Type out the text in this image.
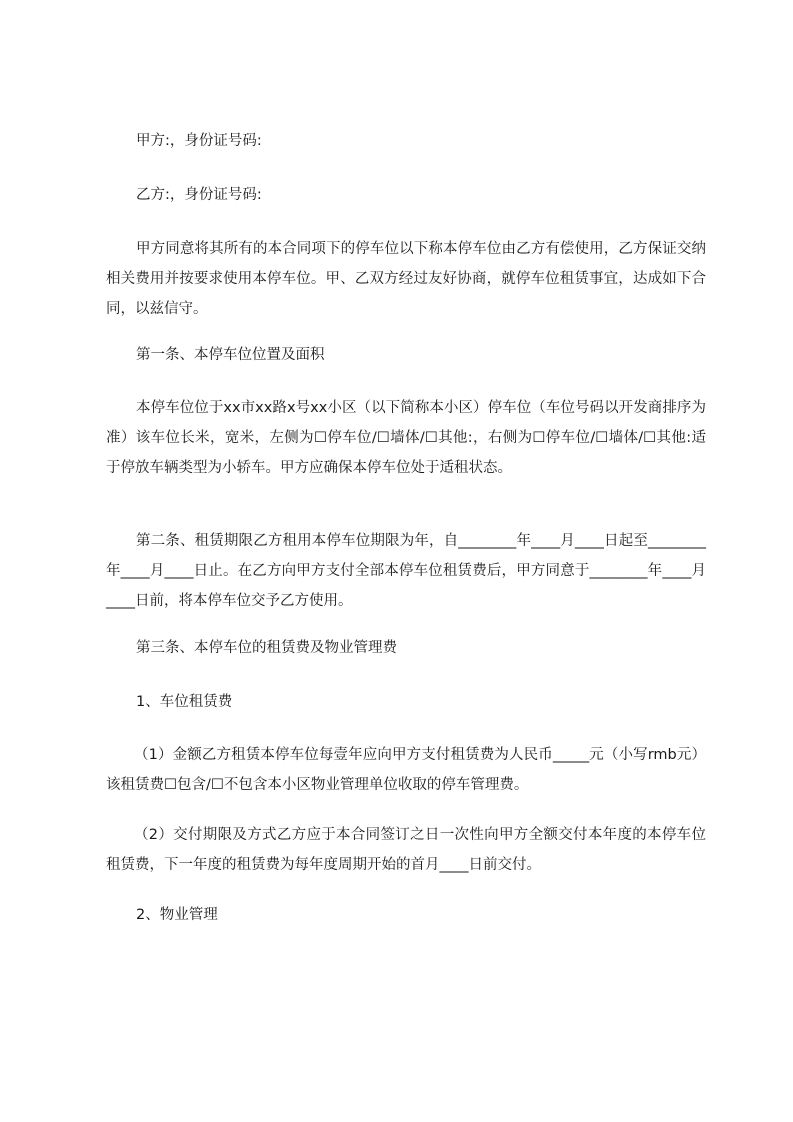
甲方:，身份证号码:

乙方:，身份证号码:

甲方同意将其所有的本合同项下的停车位以下称本停车位由乙方有偿使用，乙方保证交纳相关费用并按要求使用本停车位。甲、乙双方经过友好协商，就停车位租赁事宜，达成如下合同，以兹信守。

第一条、本停车位位置及面积

本停车位位于xx市xx路x号xx小区（以下简称本小区）停车位（车位号码以开发商排序为准）该车位长米，宽米，左侧为☐停车位/☐墙体/☐其他:，右侧为☐停车位/☐墙体/☐其他:适于停放车辆类型为小轿车。甲方应确保本停车位处于适租状态。

第二条、租赁期限乙方租用本停车位期限为年，自________年____月____日起至________年____月____日止。在乙方向甲方支付全部本停车位租赁费后，甲方同意于________年____月____日前，将本停车位交予乙方使用。

第三条、本停车位的租赁费及物业管理费

1、车位租赁费

（1）金额乙方租赁本停车位每壹年应向甲方支付租赁费为人民币_____元（小写rmb元）该租赁费☐包含/☐不包含本小区物业管理单位收取的停车管理费。

（2）交付期限及方式乙方应于本合同签订之日一次性向甲方全额交付本年度的本停车位租赁费，下一年度的租赁费为每年度周期开始的首月____日前交付。

2、物业管理
